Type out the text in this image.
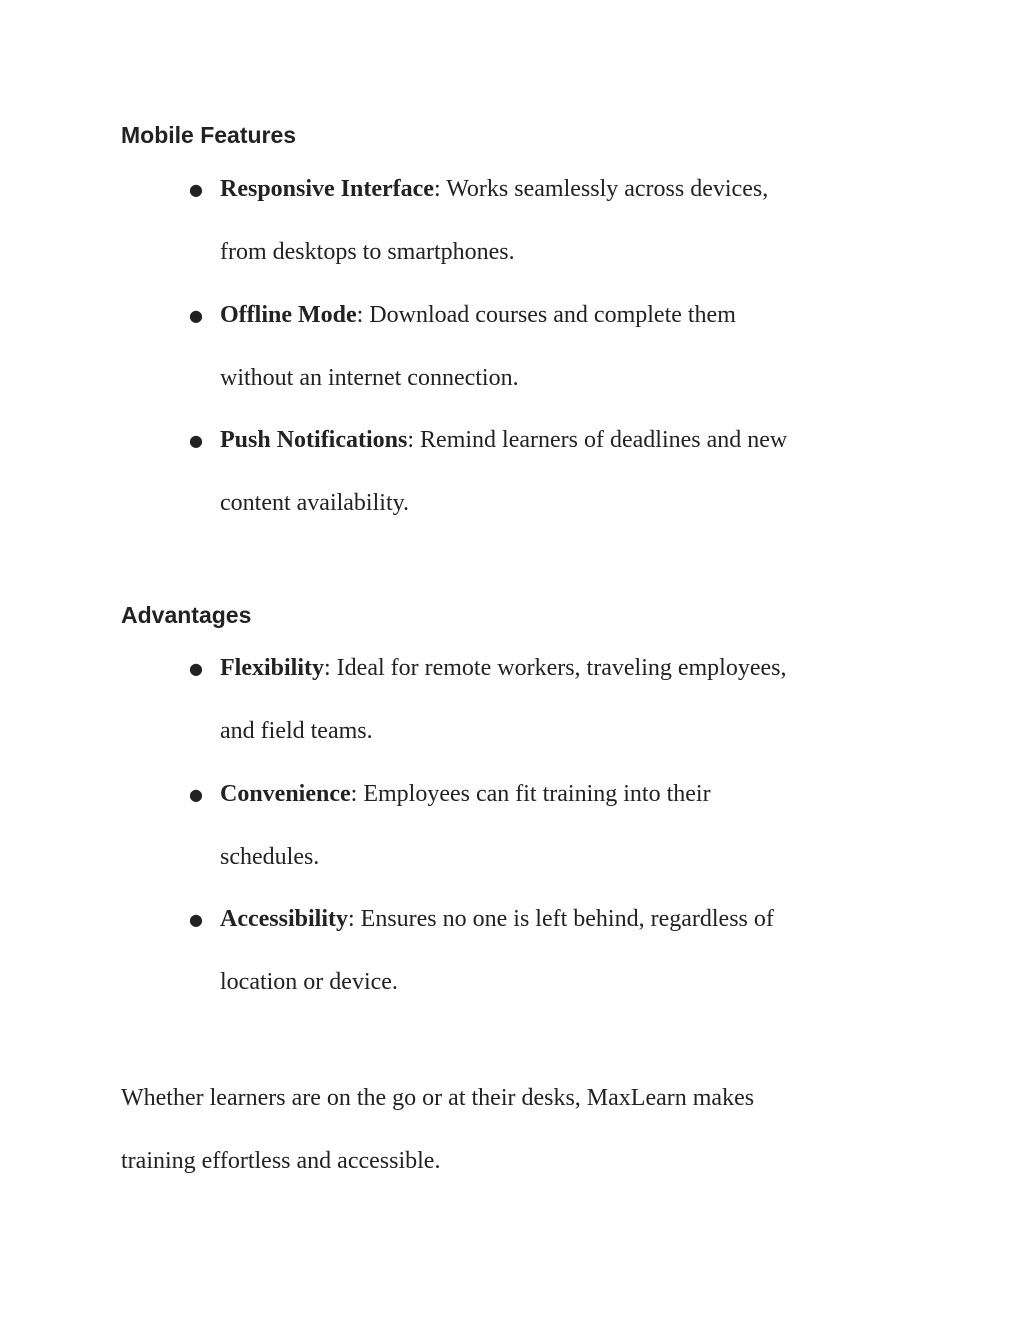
Mobile Features
● Responsive Interface: Works seamlessly across devices,
from desktops to smartphones.
● Offline Mode: Download courses and complete them
without an internet connection.
● Push Notifications: Remind learners of deadlines and new
content availability.
Advantages
● Flexibility: Ideal for remote workers, traveling employees,
and field teams.
● Convenience: Employees can fit training into their
schedules.
● Accessibility: Ensures no one is left behind, regardless of
location or device.
Whether learners are on the go or at their desks, MaxLearn makes
training effortless and accessible.
